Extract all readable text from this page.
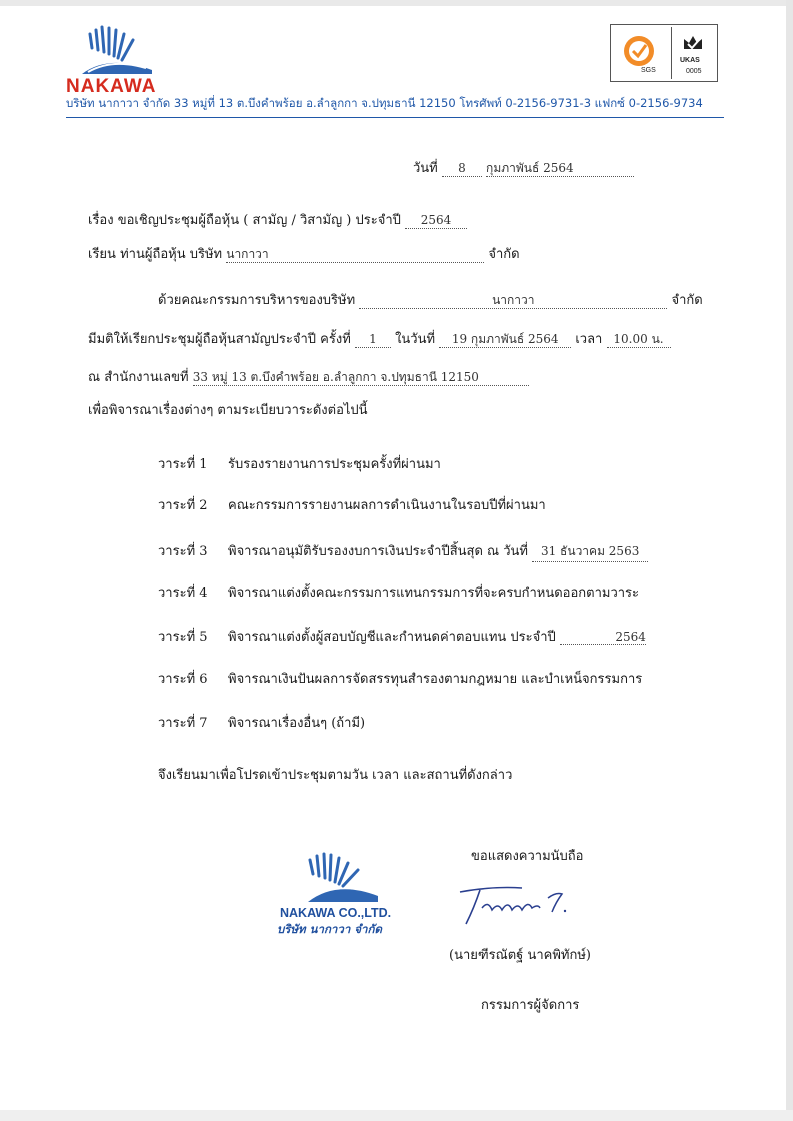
NAKAWA
บริษัท นากาวา จำกัด 33 หมู่ที่ 13 ต.บึงคำพร้อย อ.ลำลูกกา จ.ปทุมธานี 12150 โทรศัพท์ 0-2156-9731-3 แฟกซ์ 0-2156-9734
SGS
UKAS
0005
วันที่ 8 กุมภาพันธ์ 2564
เรื่อง ขอเชิญประชุมผู้ถือหุ้น ( สามัญ / วิสามัญ ) ประจำปี 2564
เรียน ท่านผู้ถือหุ้น บริษัท นากาวา	จำกัด
ด้วยคณะกรรมการบริหารของบริษัท	นากาวา	จำกัด
มีมติให้เรียกประชุมผู้ถือหุ้นสามัญประจำปี ครั้งที่ 1 ในวันที่ 19 กุมภาพันธ์ 2564 เวลา 10.00 น.
ณ สำนักงานเลขที่ 33 หมู่ 13 ต.บึงคำพร้อย อ.ลำลูกกา จ.ปทุมธานี 12150
เพื่อพิจารณาเรื่องต่างๆ ตามระเบียบวาระดังต่อไปนี้
วาระที่ 1 รับรองรายงานการประชุมครั้งที่ผ่านมา
วาระที่ 2 คณะกรรมการรายงานผลการดำเนินงานในรอบปีที่ผ่านมา
วาระที่ 3 พิจารณาอนุมัติรับรองงบการเงินประจำปีสิ้นสุด ณ วันที่ 31 ธันวาคม 2563
วาระที่ 4 พิจารณาแต่งตั้งคณะกรรมการแทนกรรมการที่จะครบกำหนดออกตามวาระ
วาระที่ 5 พิจารณาแต่งตั้งผู้สอบบัญชีและกำหนดค่าตอบแทน ประจำปี	2564
วาระที่ 6 พิจารณาเงินปันผลการจัดสรรทุนสำรองตามกฎหมาย และบำเหน็จกรรมการ
วาระที่ 7 พิจารณาเรื่องอื่นๆ (ถ้ามี)
จึงเรียนมาเพื่อโปรดเข้าประชุมตามวัน เวลา และสถานที่ดังกล่าว
NAKAWA CO.,LTD.
บริษัท นากาวา จำกัด
ขอแสดงความนับถือ
(นายฑีรณัตฐ์ นาคพิทักษ์)
กรรมการผู้จัดการ
